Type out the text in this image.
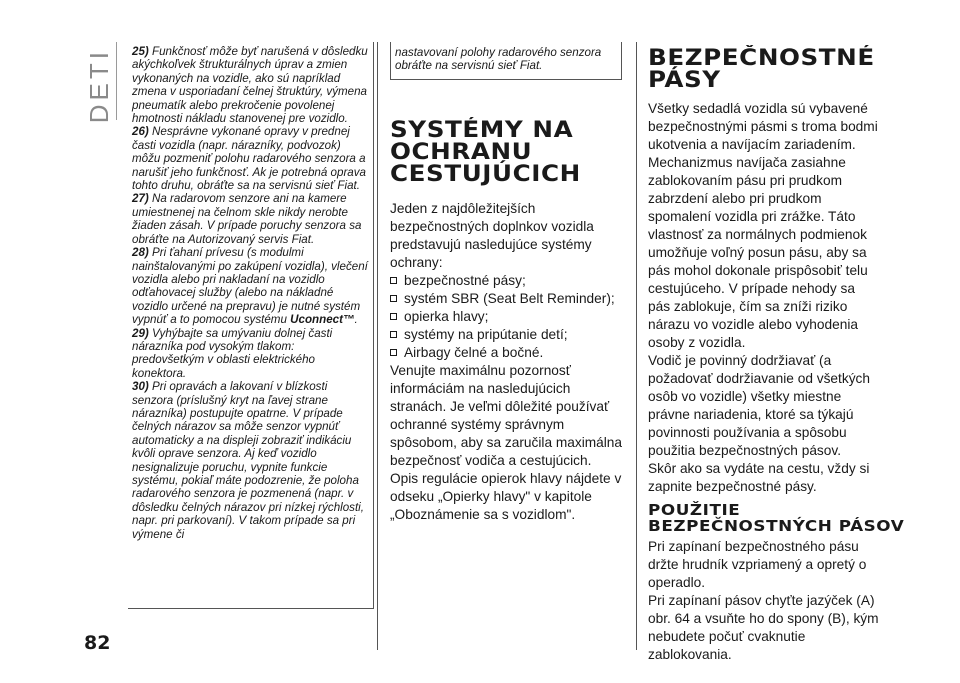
DETI
82

25) Funkčnosť môže byť narušená v dôsledku akýchkoľvek štrukturálnych úprav a zmien vykonaných na vozidle, ako sú napríklad zmena v usporiadaní čelnej štruktúry, výmena pneumatík alebo prekročenie povolenej hmotnosti nákladu stanovenej pre vozidlo.

26) Nesprávne vykonané opravy v prednej časti vozidla (napr. nárazníky, podvozok) môžu pozmeniť polohu radarového senzora a narušiť jeho funkčnosť. Ak je potrebná oprava tohto druhu, obráťte sa na servisnú sieť Fiat.

27) Na radarovom senzore ani na kamere umiestnenej na čelnom skle nikdy nerobte žiaden zásah. V prípade poruchy senzora sa obráťte na Autorizovaný servis Fiat.

28) Pri ťahaní prívesu (s modulmi nainštalovanými po zakúpení vozidla), vlečení vozidla alebo pri nakladaní na vozidlo odťahovacej služby (alebo na nákladné vozidlo určené na prepravu) je nutné systém vypnúť a to pomocou systému Uconnect™.

29) Vyhýbajte sa umývaniu dolnej časti nárazníka pod vysokým tlakom: predovšetkým v oblasti elektrického konektora.

30) Pri opravách a lakovaní v blízkosti senzora (príslušný kryt na ľavej strane nárazníka) postupujte opatrne. V prípade čelných nárazov sa môže senzor vypnúť automaticky a na displeji zobraziť indikáciu kvôli oprave senzora. Aj keď vozidlo nesignalizuje poruchu, vypnite funkcie systému, pokiaľ máte podozrenie, že poloha radarového senzora je pozmenená (napr. v dôsledku čelných nárazov pri nízkej rýchlosti, napr. pri parkovaní). V takom prípade sa pri výmene či

nastavovaní polohy radarového senzora obráťte na servisnú sieť Fiat.
SYSTÉMY NA OCHRANU CESTUJÚCICH

Jeden z najdôležitejších bezpečnostných doplnkov vozidla predstavujú nasledujúce systémy ochrany:

bezpečnostné pásy;
systém SBR (Seat Belt Reminder);
opierka hlavy;
systémy na pripútanie detí;
Airbagy čelné a bočné.

Venujte maximálnu pozornosť informáciám na nasledujúcich stranách. Je veľmi dôležité používať ochranné systémy správnym spôsobom, aby sa zaručila maximálna bezpečnosť vodiča a cestujúcich.

Opis regulácie opierok hlavy nájdete v odseku „Opierky hlavy" v kapitole „Oboznámenie sa s vozidlom".

BEZPEČNOSTNÉ PÁSY

Všetky sedadlá vozidla sú vybavené bezpečnostnými pásmi s troma bodmi ukotvenia a navíjacím zariadením.

Mechanizmus navíjača zasiahne zablokovaním pásu pri prudkom zabrzdení alebo pri prudkom spomalení vozidla pri zrážke. Táto vlastnosť za normálnych podmienok umožňuje voľný posun pásu, aby sa pás mohol dokonale prispôsobiť telu cestujúceho. V prípade nehody sa pás zablokuje, čím sa zníži riziko nárazu vo vozidle alebo vyhodenia osoby z vozidla.

Vodič je povinný dodržiavať (a požadovať dodržiavanie od všetkých osôb vo vozidle) všetky miestne právne nariadenia, ktoré sa týkajú povinnosti používania a spôsobu použitia bezpečnostných pásov.

Skôr ako sa vydáte na cestu, vždy si zapnite bezpečnostné pásy.

POUŽITIE BEZPEČNOSTNÝCH PÁSOV

Pri zapínaní bezpečnostného pásu držte hrudník vzpriamený a opretý o operadlo.

Pri zapínaní pásov chyťte jazýček (A) obr. 64 a vsuňte ho do spony (B), kým nebudete počuť cvaknutie zablokovania.
